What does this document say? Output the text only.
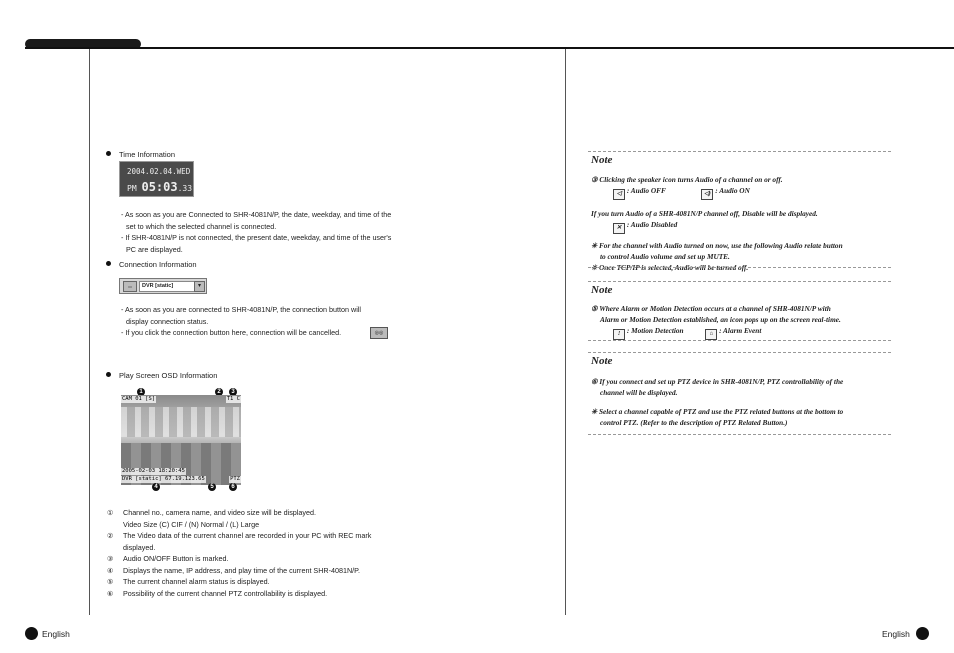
Time Information
2004.02.04.WED
PM 05:03.33
- As soon as you are Connected to SHR-4081N/P, the date, weekday, and time of the
set to which the selected channel is connected.
- If SHR-4081N/P is not connected, the present date, weekday, and time of the user's
PC are displayed.
Connection Information
▭	DVR [static]	▾
- As soon as you are connected to SHR-4081N/P, the connection button will
display connection status.
- If you click the connection button here, connection will be cancelled.	◎◎
Play Screen OSD Information
1	2	3
CAM 01 [S]	T1 C
2005-02-03 18:20:45
DVR [static] 67.19.123.65	PTZ
4	5	6
① Channel no., camera name, and video size will be displayed.
Video Size (C) CIF / (N) Normal / (L) Large
② The Video data of the current channel are recorded in your PC with REC mark
displayed.
③ Audio ON/OFF Button is marked.
④ Displays the name, IP address, and play time of the current SHR-4081N/P.
⑤ The current channel alarm status is displayed.
⑥ Possibility of the current channel PTZ controllability is displayed.
Note
③ Clicking the speaker icon turns Audio of a channel on or off.
◁ : Audio OFF	◁) : Audio ON
If you turn Audio of a SHR-4081N/P channel off, Disable will be displayed.
✕ : Audio Disabled
✳ For the channel with Audio turned on now, use the following Audio relate button
to control Audio volume and set up MUTE.
✳ Once TCP/IP is selected, Audio will be turned off.
Note
⑤ Where Alarm or Motion Detection occurs at a channel of SHR-4081N/P with
Alarm or Motion Detection established, an icon pops up on the screen real-time.
! : Motion Detection	⌂ : Alarm Event
Note
⑥ If you connect and set up PTZ device in SHR-4081N/P, PTZ controllability of the
channel will be displayed.
✳ Select a channel capable of PTZ and use the PTZ related buttons at the bottom to
control PTZ. (Refer to the description of PTZ Related Button.)
English	English
